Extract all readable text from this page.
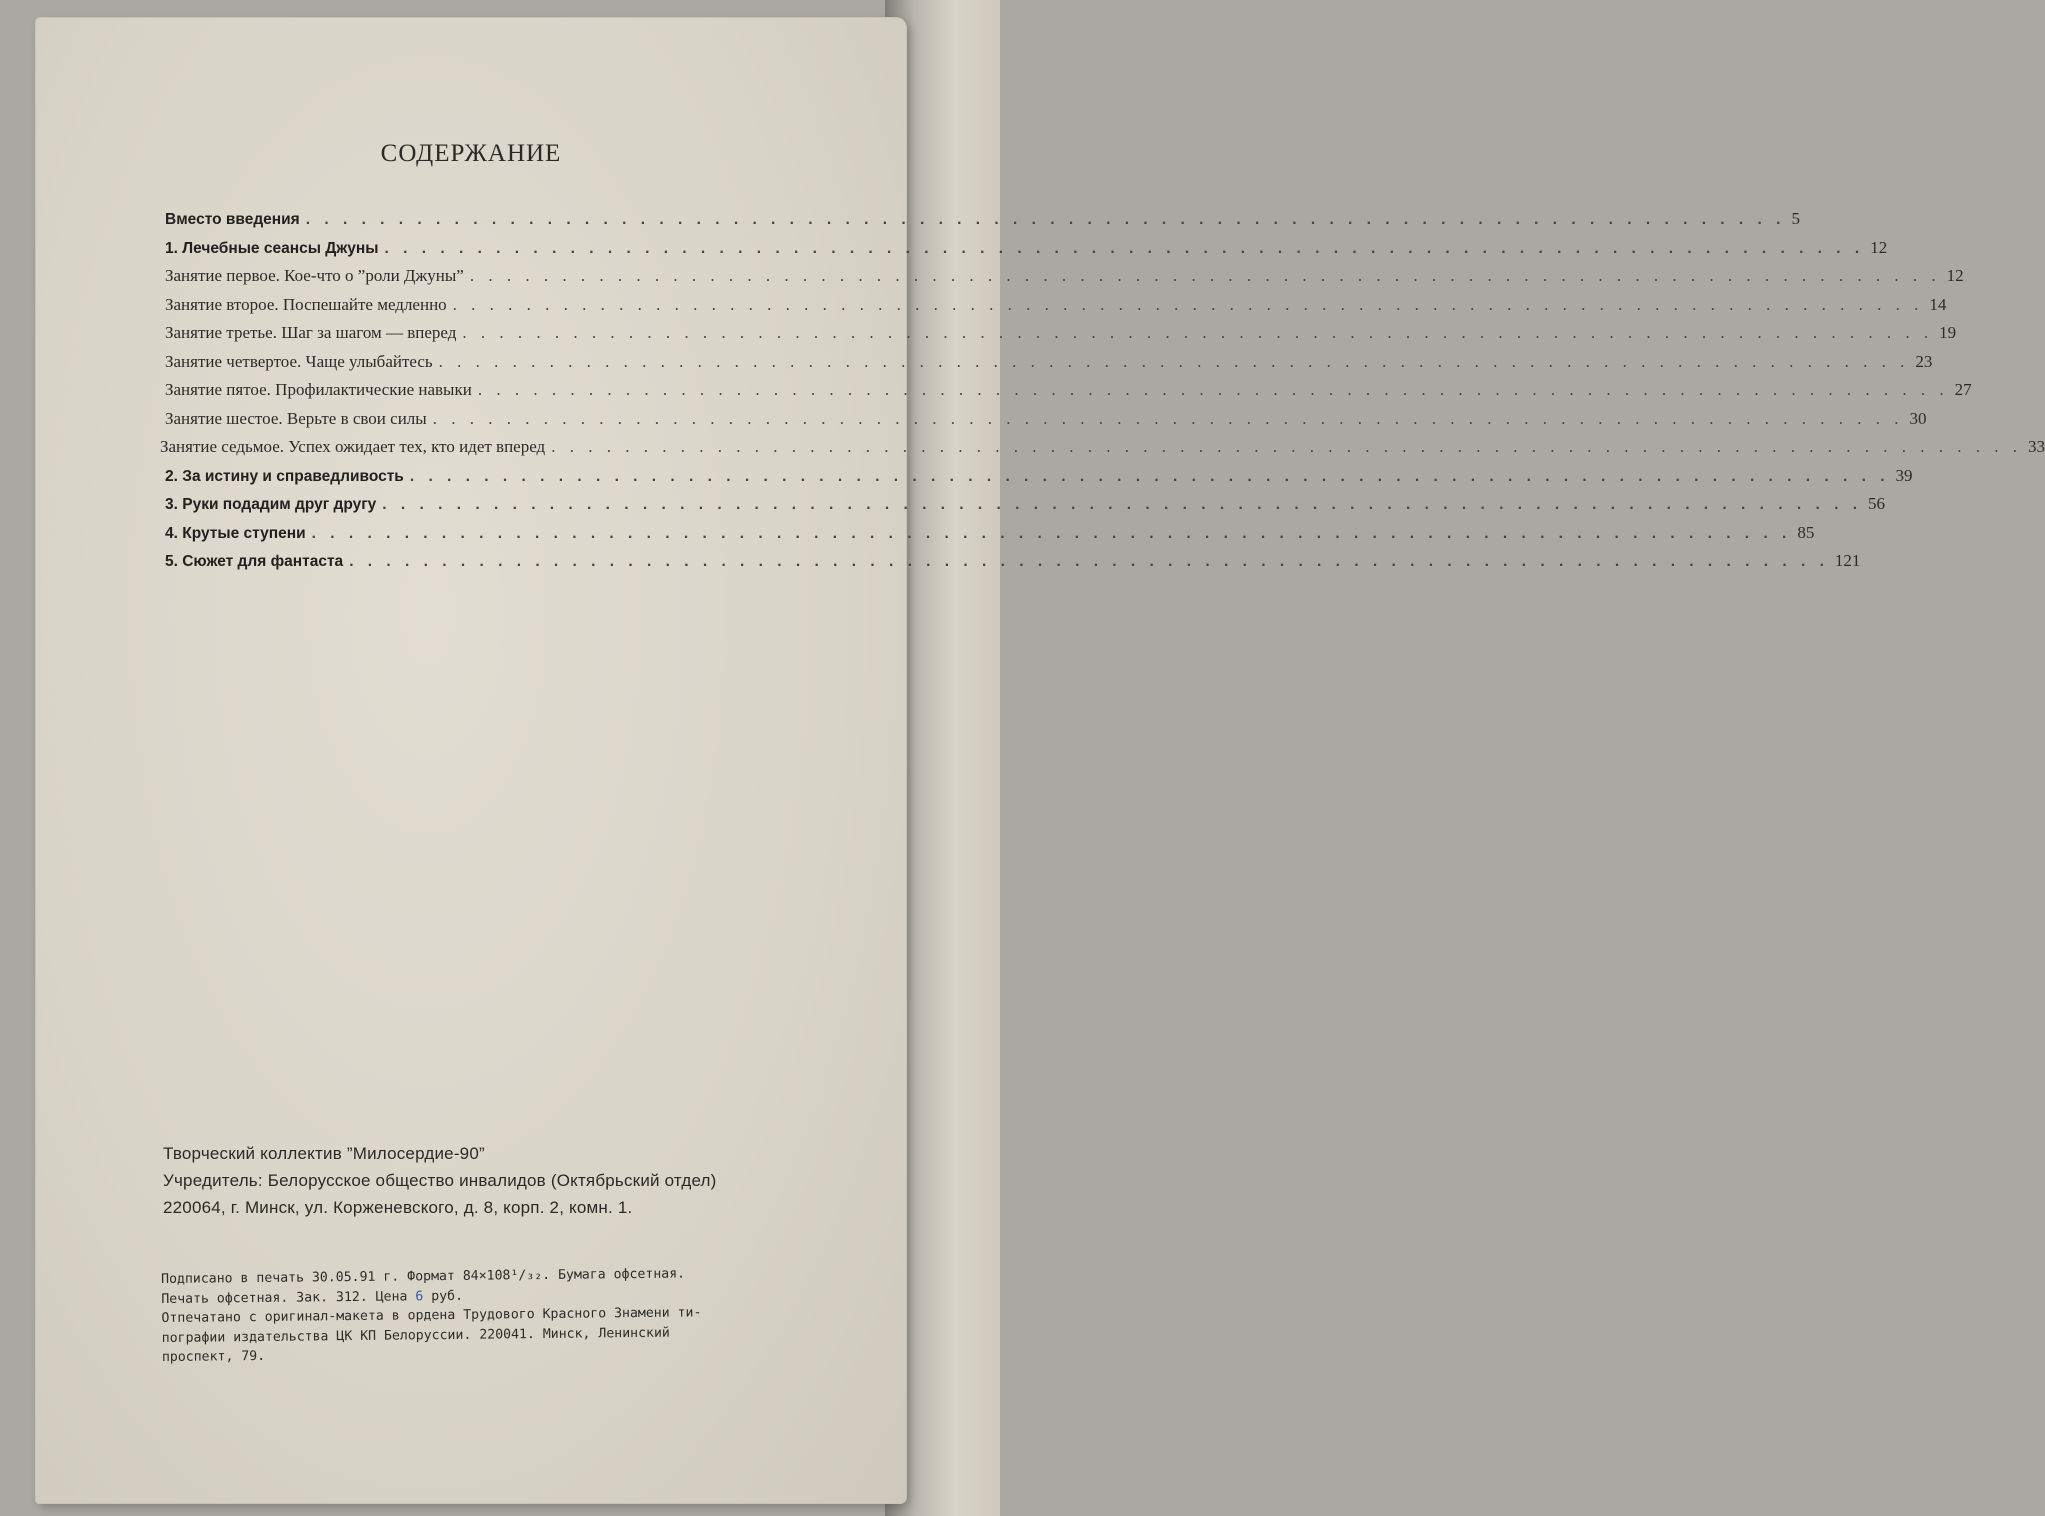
СОДЕРЖАНИЕ
Вместо введения . . . . . . . . . . . . . . . . . . . . . . . . . . . . . . . . . . . . . . . . . . . . . . . . . . . . . . . . . . . . . . . . . . . . . . . . . . . . . . . . 5
1. Лечебные сеансы Джуны . . . . . . . . . . . . . . . . . . . . . . . . . . . . . . . . . . . . . . . . . . . . . . . . . . . . . . . . . . . . . . . . . . . . . . . . . . . . . . . . 12
Занятие первое. Кое-что о ”роли Джуны” . . . . . . . . . . . . . . . . . . . . . . . . . . . . . . . . . . . . . . . . . . . . . . . . . . . . . . . . . . . . . . . . . . . . . . . . . . . . . . . . 12
Занятие второе. Поспешайте медленно . . . . . . . . . . . . . . . . . . . . . . . . . . . . . . . . . . . . . . . . . . . . . . . . . . . . . . . . . . . . . . . . . . . . . . . . . . . . . . . . 14
Занятие третье. Шаг за шагом — вперед . . . . . . . . . . . . . . . . . . . . . . . . . . . . . . . . . . . . . . . . . . . . . . . . . . . . . . . . . . . . . . . . . . . . . . . . . . . . . . . . 19
Занятие четвертое. Чаще улыбайтесь . . . . . . . . . . . . . . . . . . . . . . . . . . . . . . . . . . . . . . . . . . . . . . . . . . . . . . . . . . . . . . . . . . . . . . . . . . . . . . . . 23
Занятие пятое. Профилактические навыки . . . . . . . . . . . . . . . . . . . . . . . . . . . . . . . . . . . . . . . . . . . . . . . . . . . . . . . . . . . . . . . . . . . . . . . . . . . . . . . . 27
Занятие шестое. Верьте в свои силы . . . . . . . . . . . . . . . . . . . . . . . . . . . . . . . . . . . . . . . . . . . . . . . . . . . . . . . . . . . . . . . . . . . . . . . . . . . . . . . . 30
Занятие седьмое. Успех ожидает тех, кто идет вперед . . . . . . . . . . . . . . . . . . . . . . . . . . . . . . . . . . . . . . . . . . . . . . . . . . . . . . . . . . . . . . . . . . . . . . . . . . . . . . . . 33
2. За истину и справедливость . . . . . . . . . . . . . . . . . . . . . . . . . . . . . . . . . . . . . . . . . . . . . . . . . . . . . . . . . . . . . . . . . . . . . . . . . . . . . . . . 39
3. Руки подадим друг другу . . . . . . . . . . . . . . . . . . . . . . . . . . . . . . . . . . . . . . . . . . . . . . . . . . . . . . . . . . . . . . . . . . . . . . . . . . . . . . . . 56
4. Крутые ступени . . . . . . . . . . . . . . . . . . . . . . . . . . . . . . . . . . . . . . . . . . . . . . . . . . . . . . . . . . . . . . . . . . . . . . . . . . . . . . . . 85
5. Сюжет для фантаста . . . . . . . . . . . . . . . . . . . . . . . . . . . . . . . . . . . . . . . . . . . . . . . . . . . . . . . . . . . . . . . . . . . . . . . . . . . . . . . . 121
Творческий коллектив ”Милосердие-90”
Учредитель: Белорусское общество инвалидов (Октябрьский отдел)
220064, г. Минск, ул. Корженевского, д. 8, корп. 2, комн. 1.
Подписано в печать 30.05.91 г. Формат 84×108¹/₃₂. Бумага офсетная.
Печать офсетная. Зак. 312. Цена 6 руб.
Отпечатано с оригинал-макета в ордена Трудового Красного Знамени ти-
пографии издательства ЦК КП Белоруссии. 220041. Минск, Ленинский
проспект, 79.
